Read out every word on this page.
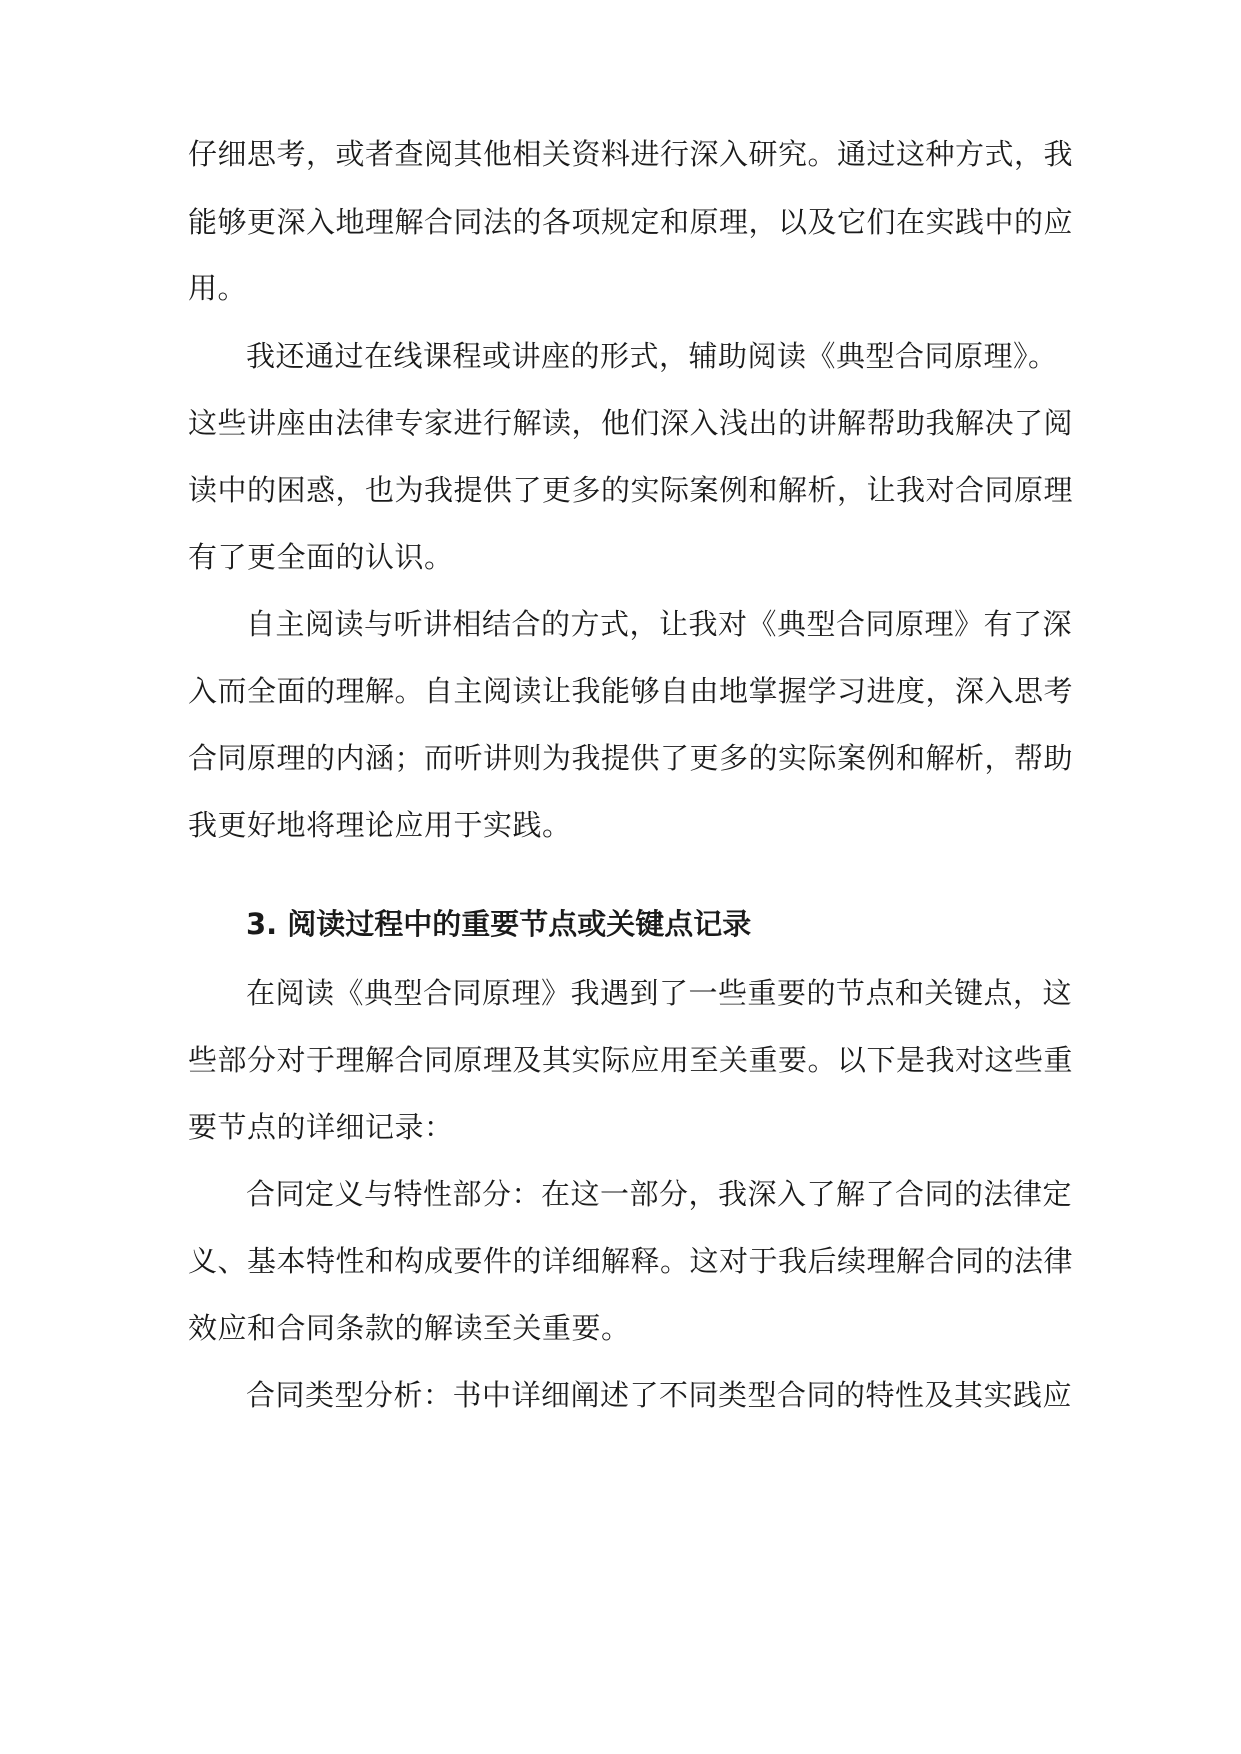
仔细思考，或者查阅其他相关资料进行深入研究。通过这种方式，我
能够更深入地理解合同法的各项规定和原理，以及它们在实践中的应
用。
我还通过在线课程或讲座的形式，辅助阅读《典型合同原理》。
这些讲座由法律专家进行解读，他们深入浅出的讲解帮助我解决了阅
读中的困惑，也为我提供了更多的实际案例和解析，让我对合同原理
有了更全面的认识。
自主阅读与听讲相结合的方式，让我对《典型合同原理》有了深
入而全面的理解。自主阅读让我能够自由地掌握学习进度，深入思考
合同原理的内涵；而听讲则为我提供了更多的实际案例和解析，帮助
我更好地将理论应用于实践。
3. 阅读过程中的重要节点或关键点记录
在阅读《典型合同原理》我遇到了一些重要的节点和关键点，这
些部分对于理解合同原理及其实际应用至关重要。以下是我对这些重
要节点的详细记录：
合同定义与特性部分：在这一部分，我深入了解了合同的法律定
义、基本特性和构成要件的详细解释。这对于我后续理解合同的法律
效应和合同条款的解读至关重要。
合同类型分析：书中详细阐述了不同类型合同的特性及其实践应
